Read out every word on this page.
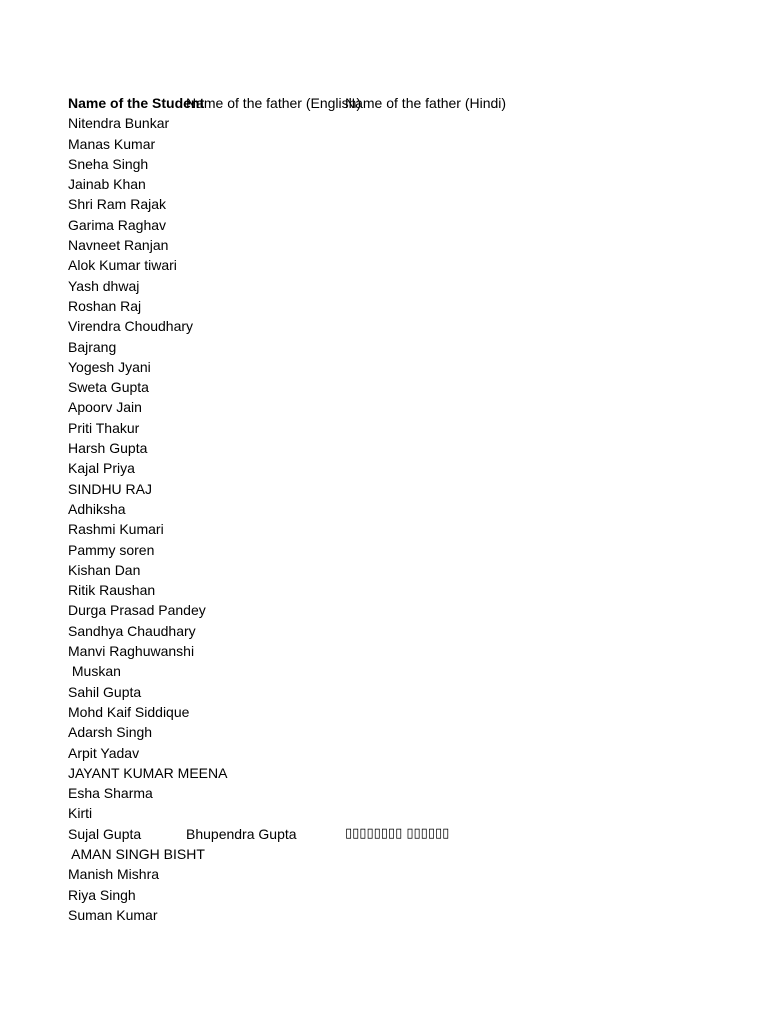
Name of the Student

Name of the father (English)

Name of the father (Hindi)

Nitendra Bunkar
Manas Kumar
Sneha Singh
Jainab Khan
Shri Ram Rajak
Garima Raghav
Navneet Ranjan
Alok Kumar tiwari
Yash dhwaj
Roshan Raj
Virendra Choudhary
Bajrang
Yogesh Jyani
Sweta Gupta
Apoorv Jain
Priti Thakur
Harsh Gupta
Kajal Priya
SINDHU RAJ
Adhiksha
Rashmi Kumari
Pammy soren
Kishan Dan
Ritik Raushan
Durga Prasad Pandey
Sandhya Chaudhary
Manvi Raghuwanshi
Muskan
Sahil Gupta
Mohd Kaif Siddique
Adarsh Singh
Arpit Yadav
JAYANT KUMAR MEENA
Esha Sharma
Kirti
Sujal Gupta	Bhupendra Gupta	▯▯▯▯▯▯▯▯ ▯▯▯▯▯▯
AMAN SINGH BISHT
Manish Mishra
Riya Singh
Suman Kumar
